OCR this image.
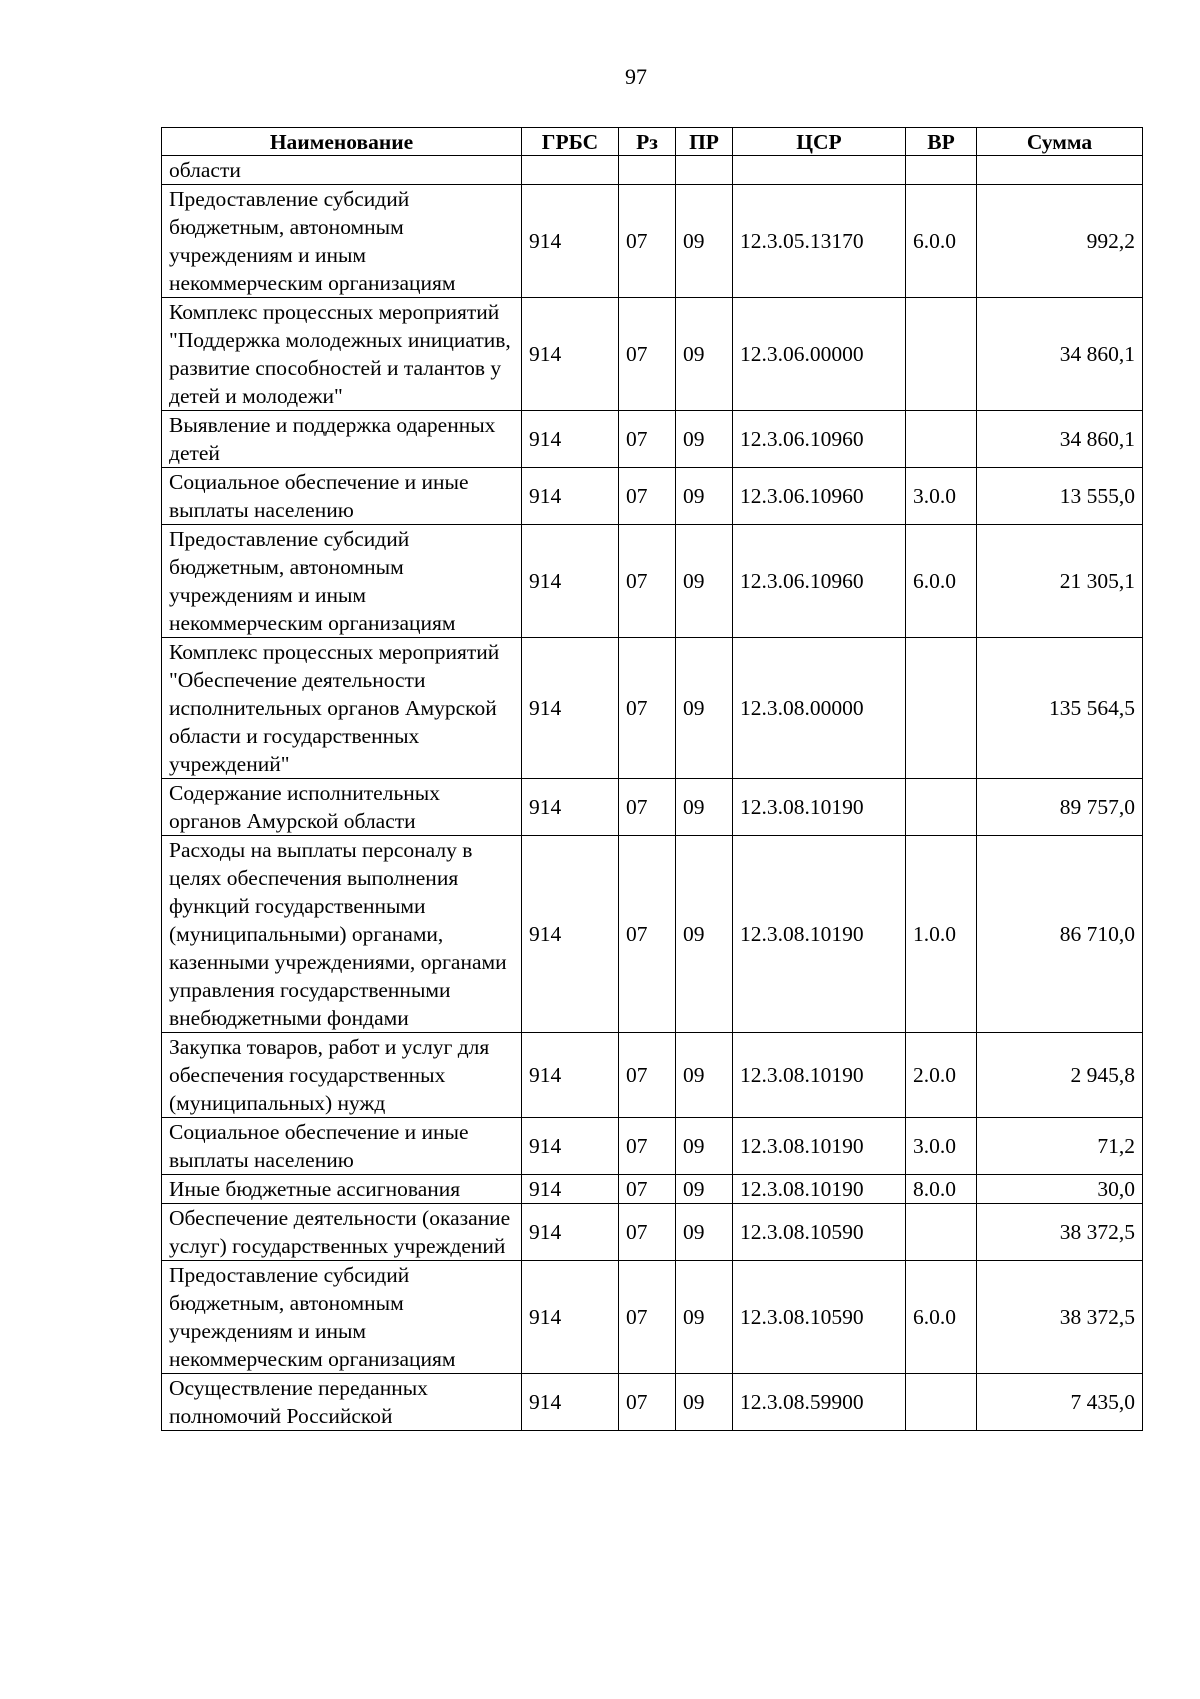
97
Наименование	ГРБС	Рз	ПР	ЦСР	ВР	Сумма
области						
Предоставление субсидий бюджетным, автономным учреждениям и иным некоммерческим организациям	914	07	09	12.3.05.13170	6.0.0	992,2
Комплекс процессных мероприятий "Поддержка молодежных инициатив, развитие способностей и талантов у детей и молодежи"	914	07	09	12.3.06.00000		34 860,1
Выявление и поддержка одаренных детей	914	07	09	12.3.06.10960		34 860,1
Социальное обеспечение и иные выплаты населению	914	07	09	12.3.06.10960	3.0.0	13 555,0
Предоставление субсидий бюджетным, автономным учреждениям и иным некоммерческим организациям	914	07	09	12.3.06.10960	6.0.0	21 305,1
Комплекс процессных мероприятий "Обеспечение деятельности исполнительных органов Амурской области и государственных учреждений"	914	07	09	12.3.08.00000		135 564,5
Содержание исполнительных органов Амурской области	914	07	09	12.3.08.10190		89 757,0
Расходы на выплаты персоналу в целях обеспечения выполнения функций государственными (муниципальными) органами, казенными учреждениями, органами управления государственными внебюджетными фондами	914	07	09	12.3.08.10190	1.0.0	86 710,0
Закупка товаров, работ и услуг для обеспечения государственных (муниципальных) нужд	914	07	09	12.3.08.10190	2.0.0	2 945,8
Социальное обеспечение и иные выплаты населению	914	07	09	12.3.08.10190	3.0.0	71,2
Иные бюджетные ассигнования	914	07	09	12.3.08.10190	8.0.0	30,0
Обеспечение деятельности (оказание услуг) государственных учреждений	914	07	09	12.3.08.10590		38 372,5
Предоставление субсидий бюджетным, автономным учреждениям и иным некоммерческим организациям	914	07	09	12.3.08.10590	6.0.0	38 372,5
Осуществление переданных полномочий Российской	914	07	09	12.3.08.59900		7 435,0
